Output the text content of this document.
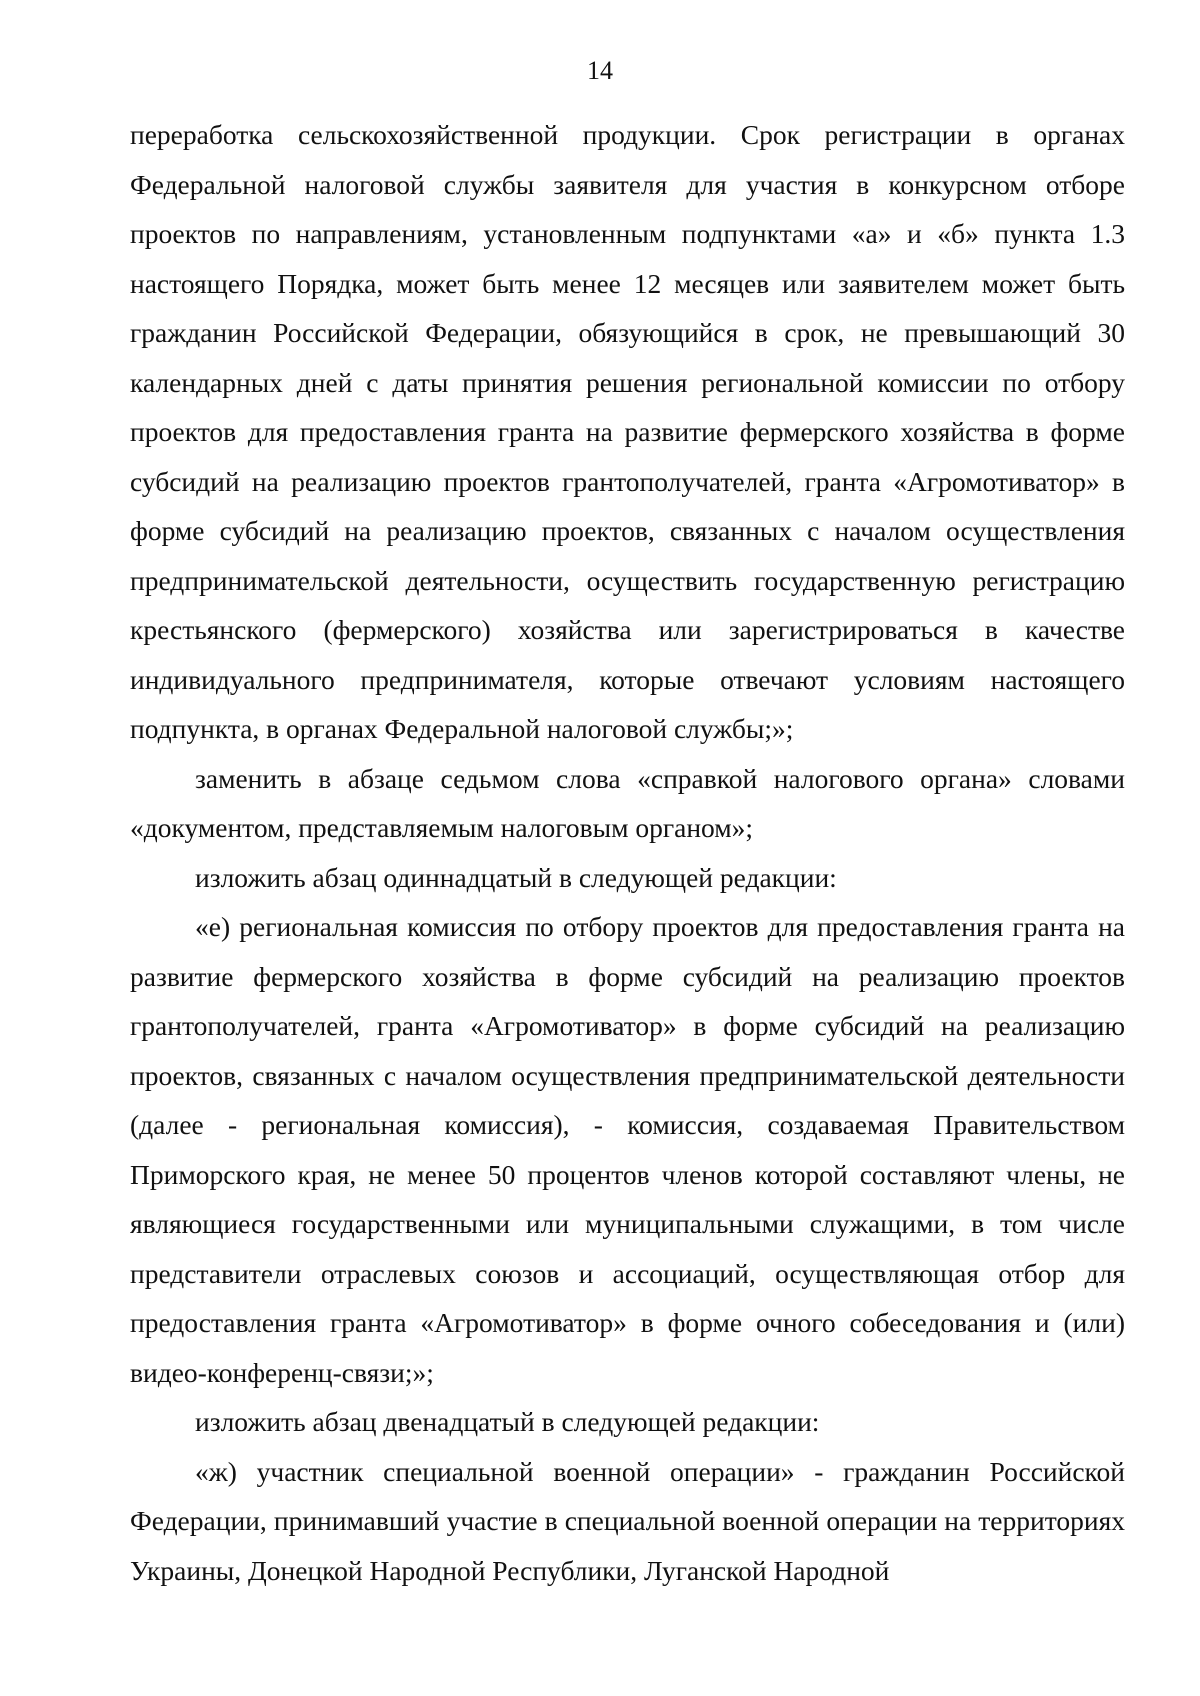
14

переработка сельскохозяйственной продукции. Срок регистрации в органах Федеральной налоговой службы заявителя для участия в конкурсном отборе проектов по направлениям, установленным подпунктами «а» и «б» пункта 1.3 настоящего Порядка, может быть менее 12 месяцев или заявителем может быть гражданин Российской Федерации, обязующийся в срок, не превышающий 30 календарных дней с даты принятия решения региональной комиссии по отбору проектов для предоставления гранта на развитие фермерского хозяйства в форме субсидий на реализацию проектов грантополучателей, гранта «Агромотиватор» в форме субсидий на реализацию проектов, связанных с началом осуществления предпринимательской деятельности, осуществить государственную регистрацию крестьянского (фермерского) хозяйства или зарегистрироваться в качестве индивидуального предпринимателя, которые отвечают условиям настоящего подпункта, в органах Федеральной налоговой службы;»;

заменить в абзаце седьмом слова «справкой налогового органа» словами «документом, представляемым налоговым органом»;

изложить абзац одиннадцатый в следующей редакции:

«е) региональная комиссия по отбору проектов для предоставления гранта на развитие фермерского хозяйства в форме субсидий на реализацию проектов грантополучателей, гранта «Агромотиватор» в форме субсидий на реализацию проектов, связанных с началом осуществления предпринимательской деятельности (далее - региональная комиссия), - комиссия, создаваемая Правительством Приморского края, не менее 50 процентов членов которой составляют члены, не являющиеся государственными или муниципальными служащими, в том числе представители отраслевых союзов и ассоциаций, осуществляющая отбор для предоставления гранта «Агромотиватор» в форме очного собеседования и (или) видео-конференц-связи;»;

изложить абзац двенадцатый в следующей редакции:

«ж) участник специальной военной операции» - гражданин Российской Федерации, принимавший участие в специальной военной операции на территориях Украины, Донецкой Народной Республики, Луганской Народной
